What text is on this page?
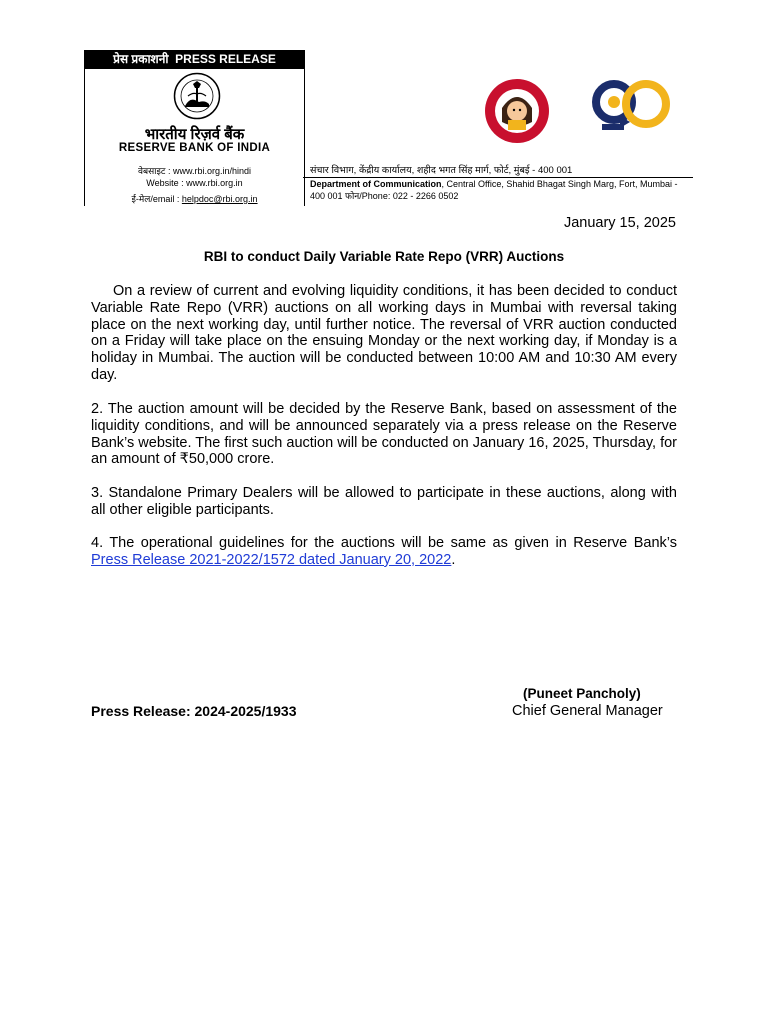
प्रेस प्रकाशनी PRESS RELEASE
भारतीय रिज़र्व बैंक
RESERVE BANK OF INDIA
वेबसाइट : www.rbi.org.in/hindi
Website : www.rbi.org.in
ई-मेल/email : helpdoc@rbi.org.in
संचार विभाग, केंद्रीय कार्यालय, शहीद भगत सिंह मार्ग, फोर्ट, मुंबई - 400 001
Department of Communication, Central Office, Shahid Bhagat Singh Marg, Fort, Mumbai - 400 001 फोन/Phone: 022 - 2266 0502
January 15, 2025
RBI to conduct Daily Variable Rate Repo (VRR) Auctions
On a review of current and evolving liquidity conditions, it has been decided to conduct Variable Rate Repo (VRR) auctions on all working days in Mumbai with reversal taking place on the next working day, until further notice. The reversal of VRR auction conducted on a Friday will take place on the ensuing Monday or the next working day, if Monday is a holiday in Mumbai. The auction will be conducted between 10:00 AM and 10:30 AM every day.
2. The auction amount will be decided by the Reserve Bank, based on assessment of the liquidity conditions, and will be announced separately via a press release on the Reserve Bank’s website. The first such auction will be conducted on January 16, 2025, Thursday, for an amount of ₹50,000 crore.
3. Standalone Primary Dealers will be allowed to participate in these auctions, along with all other eligible participants.
4. The operational guidelines for the auctions will be same as given in Reserve Bank’s Press Release 2021-2022/1572 dated January 20, 2022.
(Puneet Pancholy)
Chief General Manager
Press Release: 2024-2025/1933
